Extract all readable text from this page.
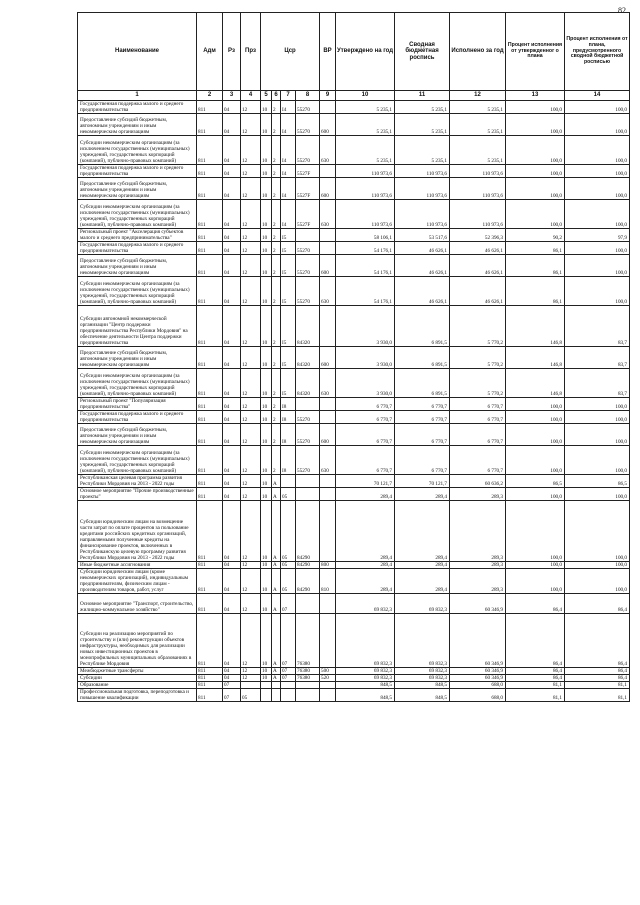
82
Наименование	Адм	Рз	Прз	Цср				ВР	Утверждено на год	Сводная бюджетная роспись	Исполнено за год	Процент исполнения от утвержденног о плана	Процент исполнения от плана, предусмотренного сводной бюджетной росписью
1	2	3	4	5	6	7	8	9	10	11	12	13	14
Государственная поддержка малого и среднего предпринимательства	811	04	12	10	2	I4	55270		5 235,1	5 235,1	5 235,1	100,0	100,0
Предоставление субсидий бюджетным, автономным учреждениям и иным некоммерческим организациям	811	04	12	10	2	I4	55270	600	5 235,1	5 235,1	5 235,1	100,0	100,0
Субсидии некоммерческим организациям (за исключением государственных (муниципальных) учреждений, государственных корпораций (компаний), публично-правовых компаний)	811	04	12	10	2	I4	55270	630	5 235,1	5 235,1	5 235,1	100,0	100,0
Государственная поддержка малого и среднего предпринимательства	811	04	12	10	2	I4	5527F		110 973,6	110 973,6	110 973,6	100,0	100,0
Предоставление субсидий бюджетным, автономным учреждениям и иным некоммерческим организациям	811	04	12	10	2	I4	5527F	600	110 973,6	110 973,6	110 973,6	100,0	100,0
Субсидии некоммерческим организациям (за исключением государственных (муниципальных) учреждений, государственных корпораций (компаний), публично-правовых компаний)	811	04	12	10	2	I4	5527F	630	110 973,6	110 973,6	110 973,6	100,0	100,0
Региональный проект "Акселерация субъектов малого и среднего предпринимательства"	811	04	12	10	2	I5			58 106,1	53 517,6	52 396,3	90,2	97,9
Государственная поддержка малого и среднего предпринимательства	811	04	12	10	2	I5	55270		54 176,1	46 626,1	46 626,1	86,1	100,0
Предоставление субсидий бюджетным, автономным учреждениям и иным некоммерческим организациям	811	04	12	10	2	I5	55270	600	54 176,1	46 626,1	46 626,1	86,1	100,0
Субсидии некоммерческим организациям (за исключением государственных (муниципальных) учреждений, государственных корпораций (компаний), публично-правовых компаний)	811	04	12	10	2	I5	55270	630	54 176,1	46 626,1	46 626,1	86,1	100,0
Субсидии автономной некоммерческой организации "Центр поддержки предпринимательства Республики Мордовия" на обеспечение деятельности Центра поддержки предпринимательства	811	04	12	10	2	I5	84320		3 930,0	6 891,5	5 770,2	146,8	83,7
Предоставление субсидий бюджетным, автономным учреждениям и иным некоммерческим организациям	811	04	12	10	2	I5	84320	600	3 930,0	6 891,5	5 770,2	146,8	83,7
Субсидии некоммерческим организациям (за исключением государственных (муниципальных) учреждений, государственных корпораций (компаний), публично-правовых компаний)	811	04	12	10	2	I5	84320	630	3 930,0	6 891,5	5 770,2	146,8	83,7
Региональный проект "Популяризация предпринимательства"	811	04	12	10	2	I8			6 770,7	6 770,7	6 770,7	100,0	100,0
Государственная поддержка малого и среднего предпринимательства	811	04	12	10	2	I8	55270		6 770,7	6 770,7	6 770,7	100,0	100,0
Предоставление субсидий бюджетным, автономным учреждениям и иным некоммерческим организациям	811	04	12	10	2	I8	55270	600	6 770,7	6 770,7	6 770,7	100,0	100,0
Субсидии некоммерческим организациям (за исключением государственных (муниципальных) учреждений, государственных корпораций (компаний), публично-правовых компаний)	811	04	12	10	2	I8	55270	630	6 770,7	6 770,7	6 770,7	100,0	100,0
Республиканская целевая программа развития Республики Мордовия на 2013 - 2022 годы	811	04	12	10	А				70 121,7	70 121,7	60 636,2	86,5	86,5
Основное мероприятие "Прочие производственные проекты"	811	04	12	10	А	05			289,4	289,4	289,3	100,0	100,0
Субсидии юридическим лицам на возмещение части затрат по оплате процентов за пользование кредитами российских кредитных организаций, направляемыми полученные кредиты на финансирование проектов, включенных в Республиканскую целевую программу развития Республики Мордовия на 2013 - 2022 годы	811	04	12	10	А	05	84290		289,4	289,4	289,3	100,0	100,0
Иные бюджетные ассигнования	811	04	12	10	А	05	84290	800	289,4	289,4	289,3	100,0	100,0
Субсидии юридическим лицам (кроме некоммерческих организаций), индивидуальным предпринимателям, физическим лицам - производителям товаров, работ, услуг	811	04	12	10	А	05	84290	810	289,4	289,4	289,3	100,0	100,0
Основное мероприятие "Транспорт, строительство, жилищно-коммунальное хозяйство"	811	04	12	10	А	07			69 832,3	69 832,3	60 346,9	86,4	86,4
Субсидии на реализацию мероприятий по строительству и (или) реконструкции объектов инфраструктуры, необходимых для реализации новых инвестиционных проектов в монопрофильных муниципальных образованиях в Республике Мордовия	811	04	12	10	А	07	76380		69 832,3	69 832,3	60 346,9	86,4	86,4
Межбюджетные трансферты	811	04	12	10	А	07	76380	500	69 832,3	69 832,3	60 346,9	86,4	86,4
Субсидии	811	04	12	10	А	07	76380	520	69 832,3	69 832,3	60 346,9	86,4	86,4
Образование	811	07							848,5	848,5	688,0	81,1	81,1
Профессиональная подготовка, переподготовка и повышение квалификации	811	07	05						848,5	848,5	688,0	81,1	81,1
